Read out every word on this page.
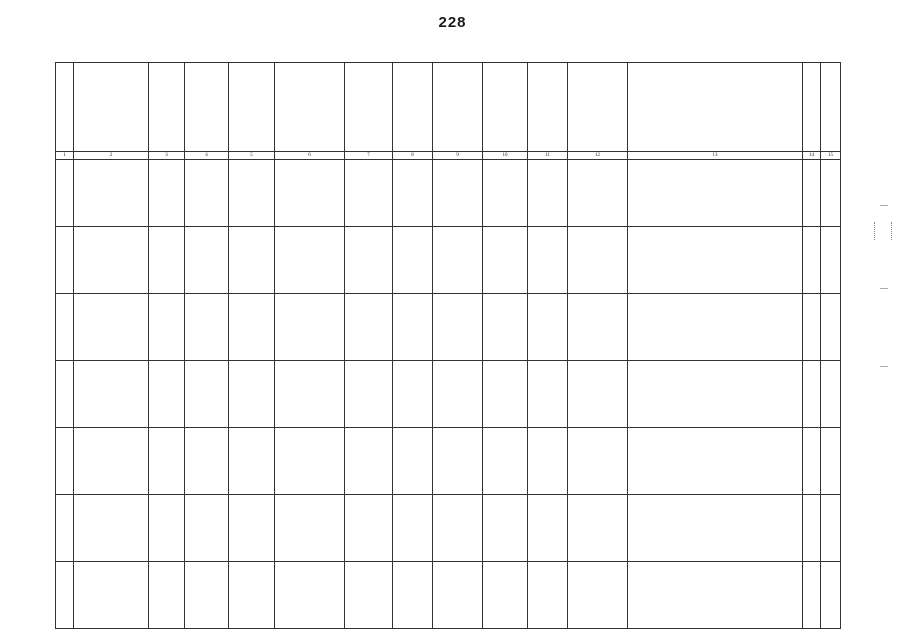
228

1	2	3	4	5	6	7	8	9	10	11	12	13	14	15
